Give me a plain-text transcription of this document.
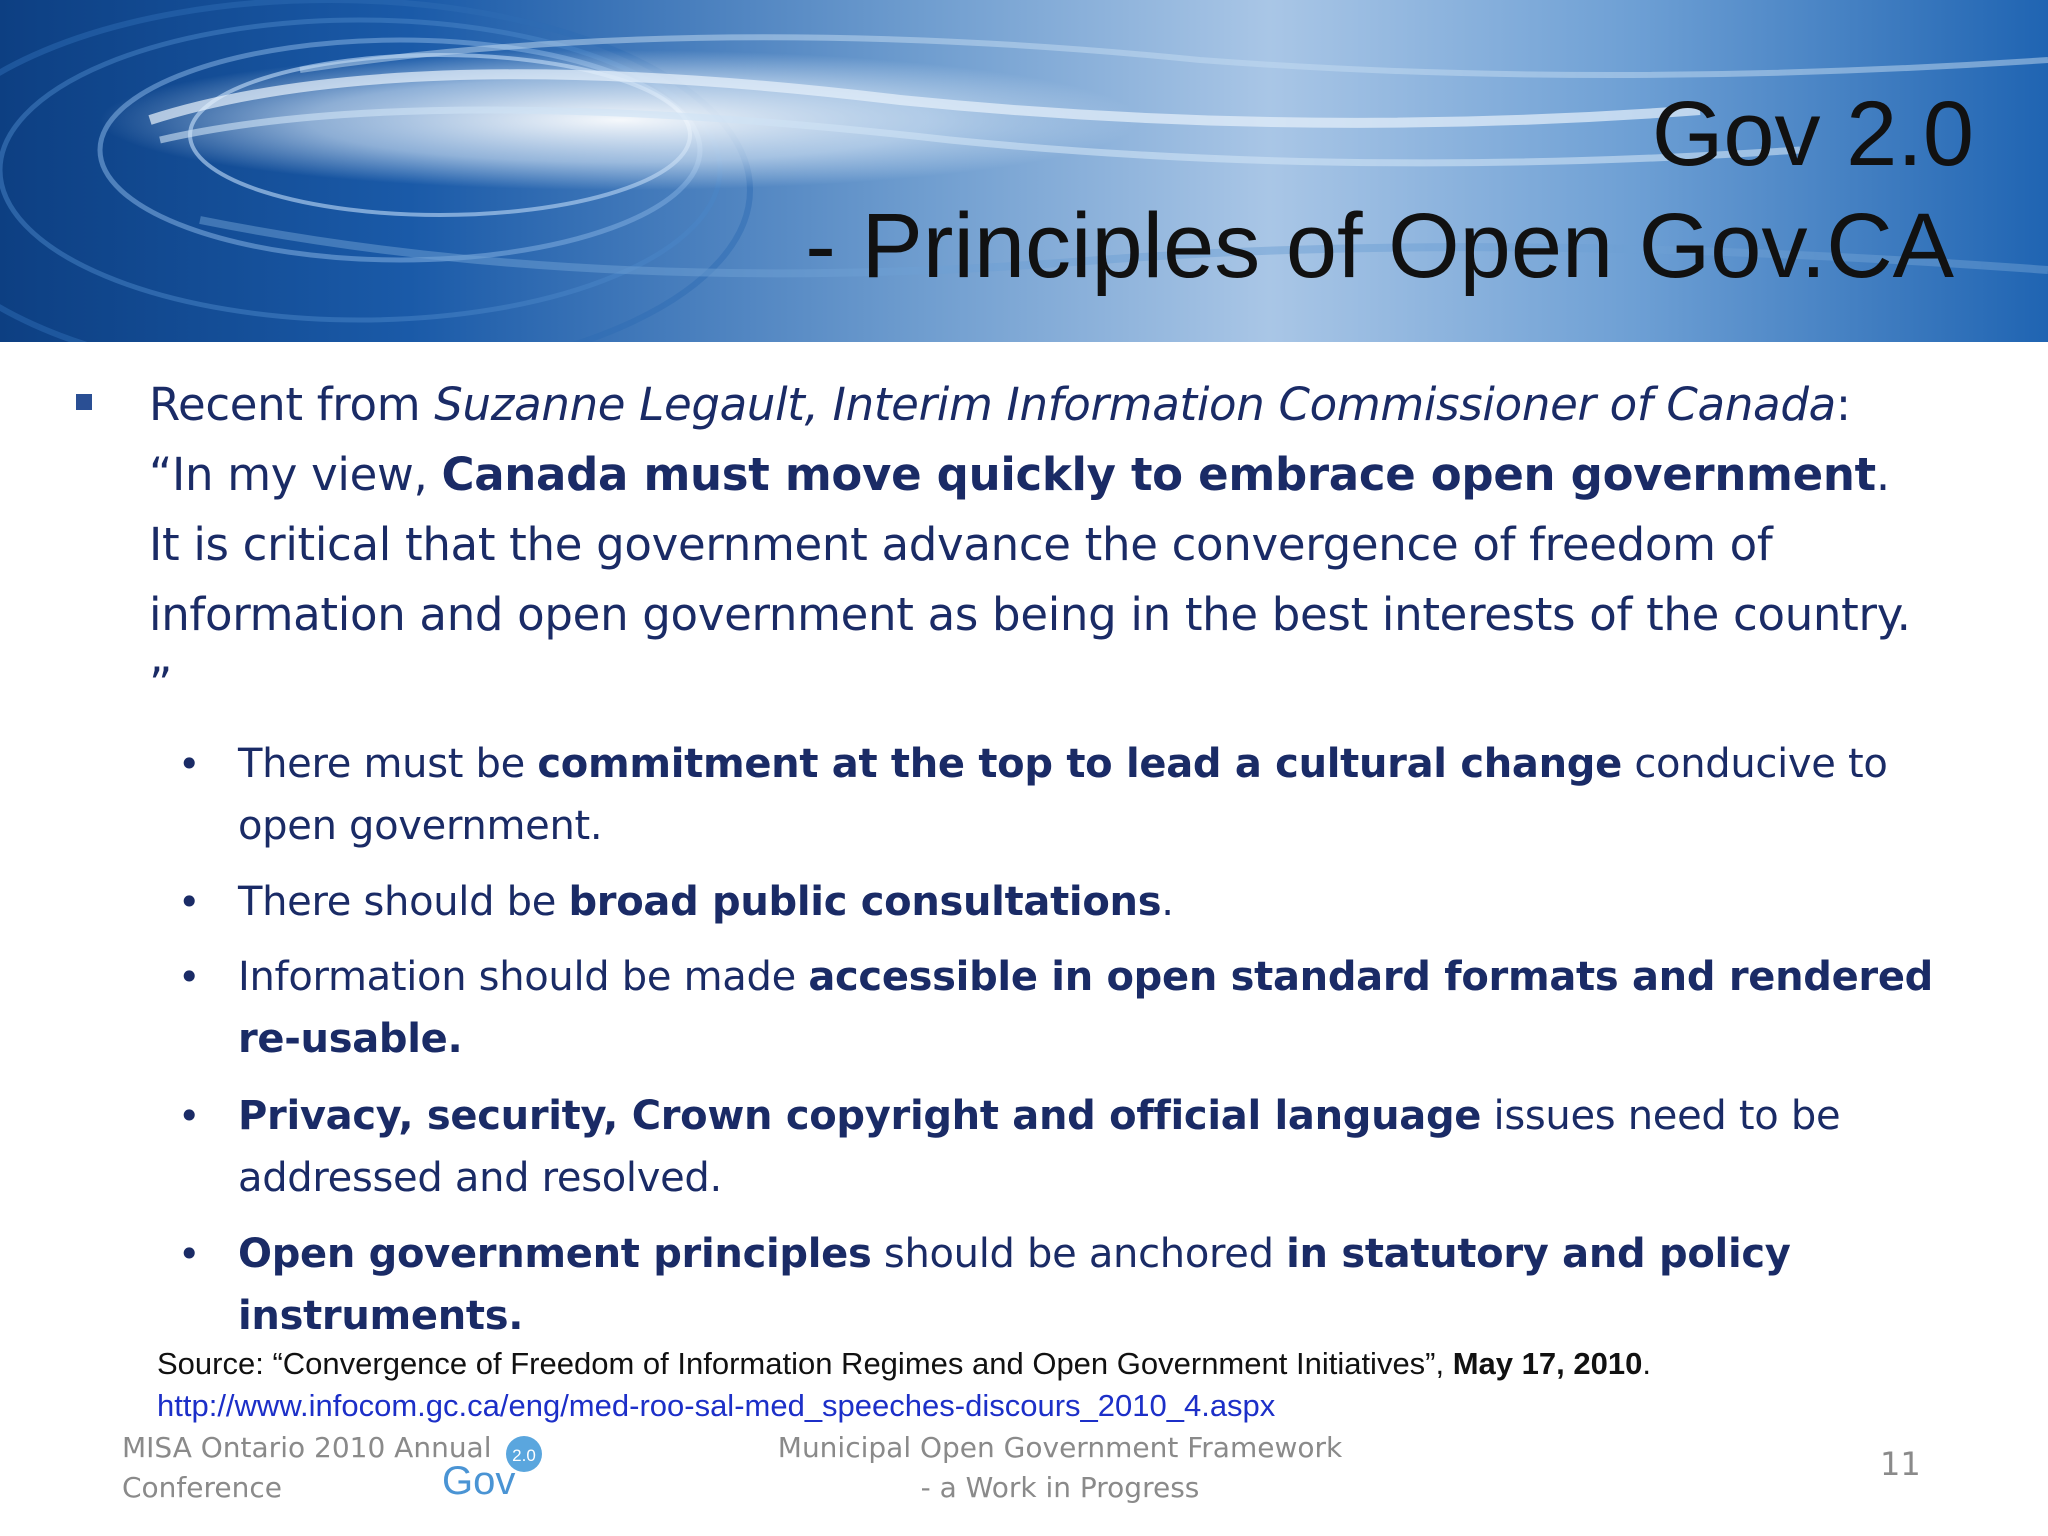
Gov 2.0
- Principles of Open Gov.CA
Recent from Suzanne Legault, Interim Information Commissioner of Canada:
“In my view, Canada must move quickly to embrace open government. It is critical that the government advance the convergence of freedom of information and open government as being in the best interests of the country. ”
• There must be commitment at the top to lead a cultural change conducive to open government.
• There should be broad public consultations.
• Information should be made accessible in open standard formats and rendered re-usable.
• Privacy, security, Crown copyright and official language issues need to be addressed and resolved.
• Open government principles should be anchored in statutory and policy instruments.
Source: “Convergence of Freedom of Information Regimes and Open Government Initiatives”, May 17, 2010.
http://www.infocom.gc.ca/eng/med-roo-sal-med_speeches-discours_2010_4.aspx
MISA Ontario 2010 Annual
Conference
2.0
Gov
Municipal Open Government Framework
- a Work in Progress
11
